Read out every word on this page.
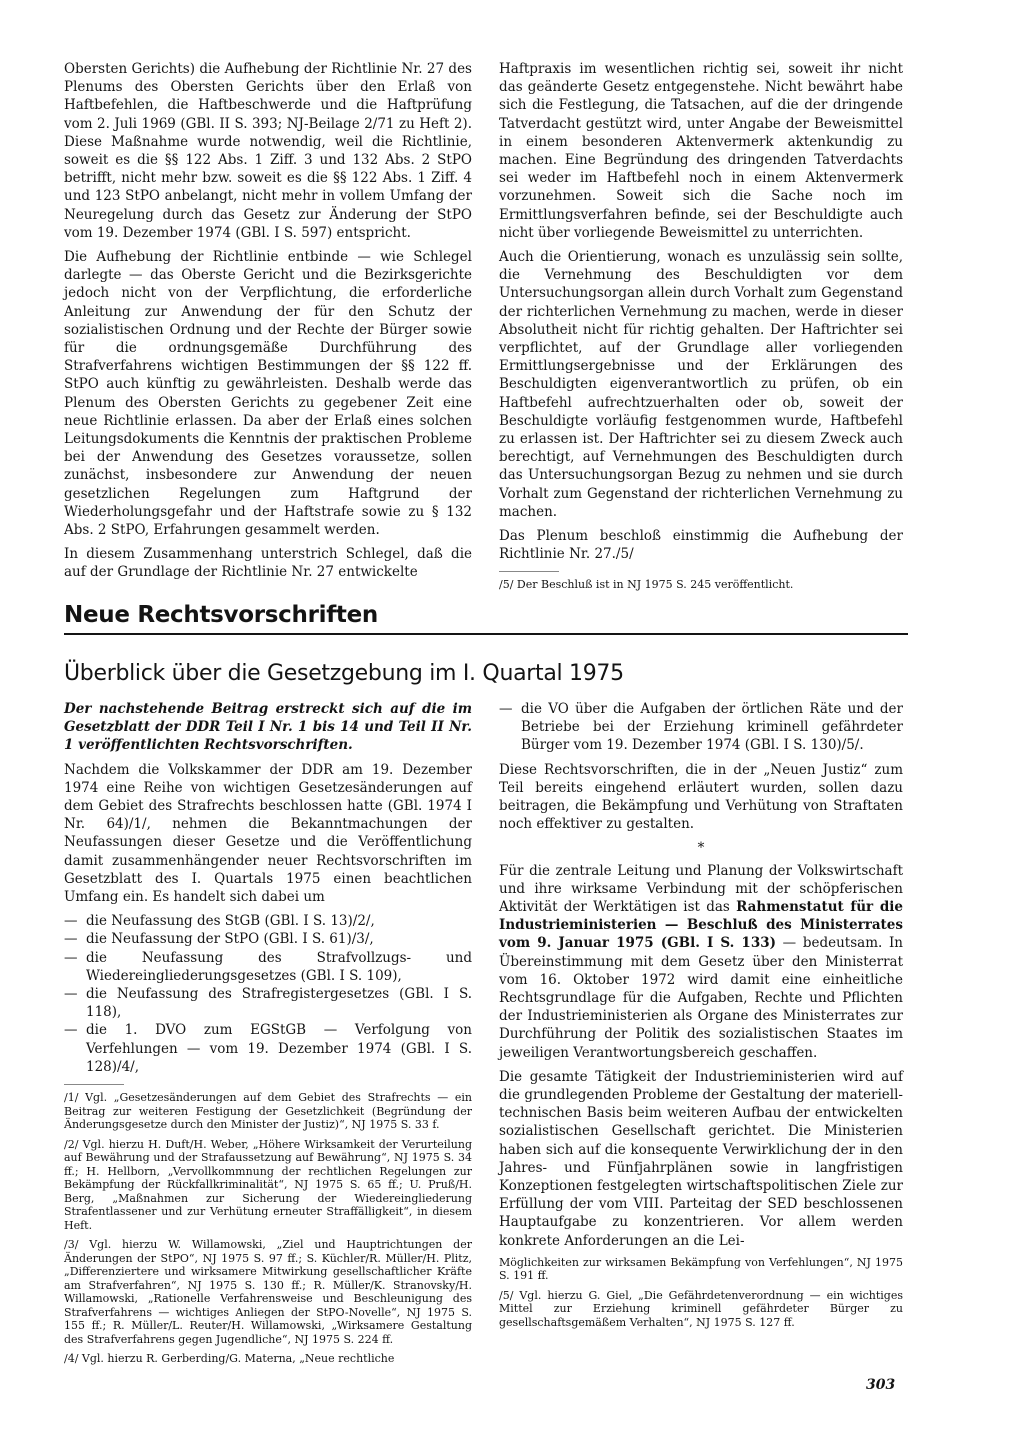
Obersten Gerichts) die Aufhebung der Richtlinie Nr. 27 des Plenums des Obersten Gerichts über den Erlaß von Haftbefehlen, die Haftbeschwerde und die Haftprüfung vom 2. Juli 1969 (GBl. II S. 393; NJ-Beilage 2/71 zu Heft 2). Diese Maßnahme wurde notwendig, weil die Richtlinie, soweit es die §§ 122 Abs. 1 Ziff. 3 und 132 Abs. 2 StPO betrifft, nicht mehr bzw. soweit es die §§ 122 Abs. 1 Ziff. 4 und 123 StPO anbelangt, nicht mehr in vollem Umfang der Neuregelung durch das Gesetz zur Änderung der StPO vom 19. Dezember 1974 (GBl. I S. 597) entspricht.

Die Aufhebung der Richtlinie entbinde — wie Schlegel darlegte — das Oberste Gericht und die Bezirksgerichte jedoch nicht von der Verpflichtung, die erforderliche Anleitung zur Anwendung der für den Schutz der sozialistischen Ordnung und der Rechte der Bürger sowie für die ordnungsgemäße Durchführung des Strafverfahrens wichtigen Bestimmungen der §§ 122 ff. StPO auch künftig zu gewährleisten. Deshalb werde das Plenum des Obersten Gerichts zu gegebener Zeit eine neue Richtlinie erlassen. Da aber der Erlaß eines solchen Leitungsdokuments die Kenntnis der praktischen Probleme bei der Anwendung des Gesetzes voraussetze, sollen zunächst, insbesondere zur Anwendung der neuen gesetzlichen Regelungen zum Haftgrund der Wiederholungsgefahr und der Haftstrafe sowie zu § 132 Abs. 2 StPO, Erfahrungen gesammelt werden.

In diesem Zusammenhang unterstrich Schlegel, daß die auf der Grundlage der Richtlinie Nr. 27 entwickelte

Haftpraxis im wesentlichen richtig sei, soweit ihr nicht das geänderte Gesetz entgegenstehe. Nicht bewährt habe sich die Festlegung, die Tatsachen, auf die der dringende Tatverdacht gestützt wird, unter Angabe der Beweismittel in einem besonderen Aktenvermerk aktenkundig zu machen. Eine Begründung des dringenden Tatverdachts sei weder im Haftbefehl noch in einem Aktenvermerk vorzunehmen. Soweit sich die Sache noch im Ermittlungsverfahren befinde, sei der Beschuldigte auch nicht über vorliegende Beweismittel zu unterrichten.

Auch die Orientierung, wonach es unzulässig sein sollte, die Vernehmung des Beschuldigten vor dem Untersuchungsorgan allein durch Vorhalt zum Gegenstand der richterlichen Vernehmung zu machen, werde in dieser Absolutheit nicht für richtig gehalten. Der Haftrichter sei verpflichtet, auf der Grundlage aller vorliegenden Ermittlungsergebnisse und der Erklärungen des Beschuldigten eigenverantwortlich zu prüfen, ob ein Haftbefehl aufrechtzuerhalten oder ob, soweit der Beschuldigte vorläufig festgenommen wurde, Haftbefehl zu erlassen ist. Der Haftrichter sei zu diesem Zweck auch berechtigt, auf Vernehmungen des Beschuldigten durch das Untersuchungsorgan Bezug zu nehmen und sie durch Vorhalt zum Gegenstand der richterlichen Vernehmung zu machen.

Das Plenum beschloß einstimmig die Aufhebung der Richtlinie Nr. 27./5/

/5/ Der Beschluß ist in NJ 1975 S. 245 veröffentlicht.

Neue Rechtsvorschriften
Überblick über die Gesetzgebung im I. Quartal 1975

Der nachstehende Beitrag erstreckt sich auf die im Gesetzblatt der DDR Teil I Nr. 1 bis 14 und Teil II Nr. 1 veröffentlichten Rechtsvorschriften.

Nachdem die Volkskammer der DDR am 19. Dezember 1974 eine Reihe von wichtigen Gesetzesänderungen auf dem Gebiet des Strafrechts beschlossen hatte (GBl. 1974 I Nr. 64)/1/, nehmen die Bekanntmachungen der Neufassungen dieser Gesetze und die Veröffentlichung damit zusammenhängender neuer Rechtsvorschriften im Gesetzblatt des I. Quartals 1975 einen beachtlichen Umfang ein. Es handelt sich dabei um

— die Neufassung des StGB (GBl. I S. 13)/2/,
— die Neufassung der StPO (GBl. I S. 61)/3/,
— die Neufassung des Strafvollzugs- und Wiedereingliederungsgesetzes (GBl. I S. 109),
— die Neufassung des Strafregistergesetzes (GBl. I S. 118),
— die 1. DVO zum EGStGB — Verfolgung von Verfehlungen — vom 19. Dezember 1974 (GBl. I S. 128)/4/,

/1/ Vgl. „Gesetzesänderungen auf dem Gebiet des Strafrechts — ein Beitrag zur weiteren Festigung der Gesetzlichkeit (Begründung der Änderungsgesetze durch den Minister der Justiz)“, NJ 1975 S. 33 f.

/2/ Vgl. hierzu H. Duft/H. Weber, „Höhere Wirksamkeit der Verurteilung auf Bewährung und der Strafaussetzung auf Bewährung“, NJ 1975 S. 34 ff.; H. Hellborn, „Vervollkommnung der rechtlichen Regelungen zur Bekämpfung der Rückfallkriminalität“, NJ 1975 S. 65 ff.; U. Pruß/H. Berg, „Maßnahmen zur Sicherung der Wiedereingliederung Strafentlassener und zur Verhütung erneuter Straffälligkeit“, in diesem Heft.

/3/ Vgl. hierzu W. Willamowski, „Ziel und Hauptrichtungen der Änderungen der StPO“, NJ 1975 S. 97 ff.; S. Küchler/R. Müller/H. Plitz, „Differenziertere und wirksamere Mitwirkung gesellschaftlicher Kräfte am Strafverfahren“, NJ 1975 S. 130 ff.; R. Müller/K. Stranovsky/H. Willamowski, „Rationelle Verfahrensweise und Beschleunigung des Strafverfahrens — wichtiges Anliegen der StPO-Novelle“, NJ 1975 S. 155 ff.; R. Müller/L. Reuter/H. Willamowski, „Wirksamere Gestaltung des Strafverfahrens gegen Jugendliche“, NJ 1975 S. 224 ff.

/4/ Vgl. hierzu R. Gerberding/G. Materna, „Neue rechtliche

— die VO über die Aufgaben der örtlichen Räte und der Betriebe bei der Erziehung kriminell gefährdeter Bürger vom 19. Dezember 1974 (GBl. I S. 130)/5/.

Diese Rechtsvorschriften, die in der „Neuen Justiz“ zum Teil bereits eingehend erläutert wurden, sollen dazu beitragen, die Bekämpfung und Verhütung von Straftaten noch effektiver zu gestalten.

*

Für die zentrale Leitung und Planung der Volkswirtschaft und ihre wirksame Verbindung mit der schöpferischen Aktivität der Werktätigen ist das Rahmenstatut für die Industrieministerien — Beschluß des Ministerrates vom 9. Januar 1975 (GBl. I S. 133) — bedeutsam. In Übereinstimmung mit dem Gesetz über den Ministerrat vom 16. Oktober 1972 wird damit eine einheitliche Rechtsgrundlage für die Aufgaben, Rechte und Pflichten der Industrieministerien als Organe des Ministerrates zur Durchführung der Politik des sozialistischen Staates im jeweiligen Verantwortungsbereich geschaffen.

Die gesamte Tätigkeit der Industrieministerien wird auf die grundlegenden Probleme der Gestaltung der materiell-technischen Basis beim weiteren Aufbau der entwickelten sozialistischen Gesellschaft gerichtet. Die Ministerien haben sich auf die konsequente Verwirklichung der in den Jahres- und Fünfjahrplänen sowie in langfristigen Konzeptionen festgelegten wirtschaftspolitischen Ziele zur Erfüllung der vom VIII. Parteitag der SED beschlossenen Hauptaufgabe zu konzentrieren. Vor allem werden konkrete Anforderungen an die Lei-

Möglichkeiten zur wirksamen Bekämpfung von Verfehlungen“, NJ 1975 S. 191 ff.

/5/ Vgl. hierzu G. Giel, „Die Gefährdetenverordnung — ein wichtiges Mittel zur Erziehung kriminell gefährdeter Bürger zu gesellschaftsgemäßem Verhalten“, NJ 1975 S. 127 ff.

303
